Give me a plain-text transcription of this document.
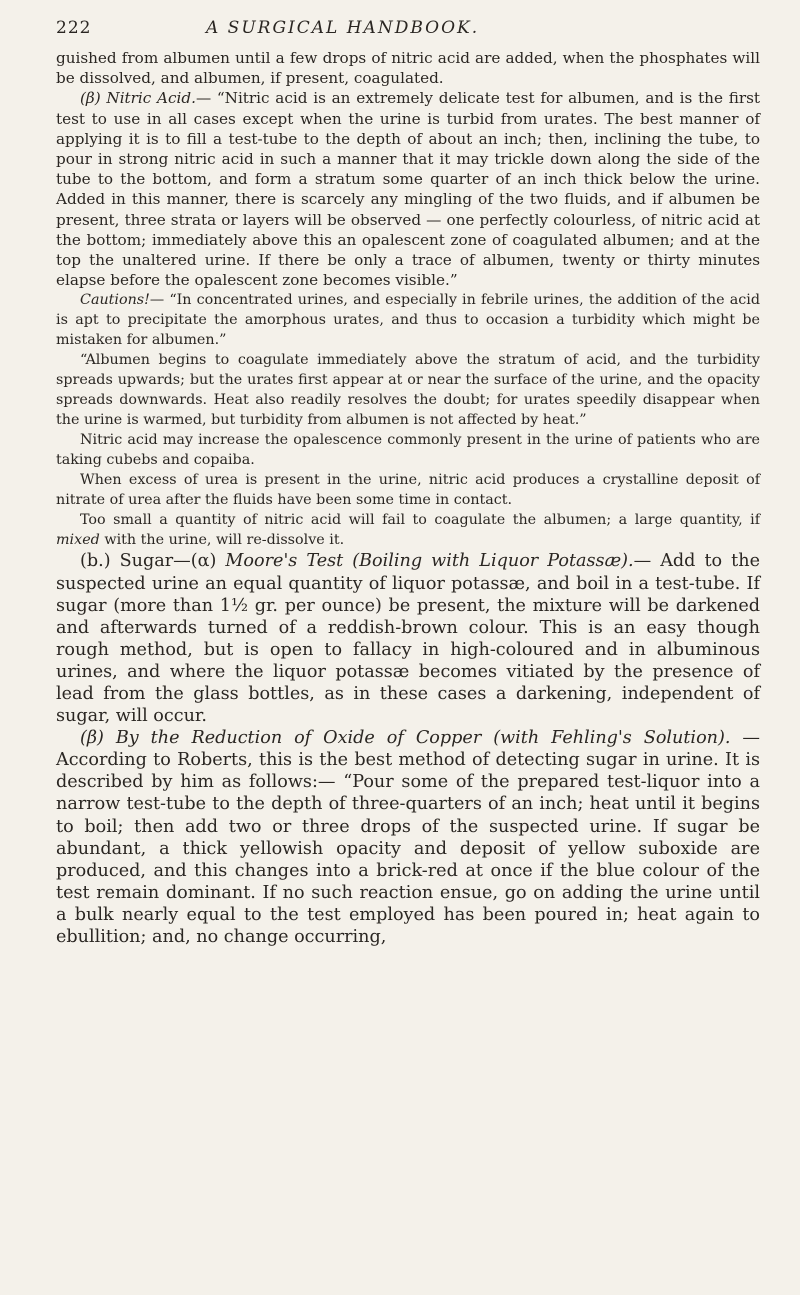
222	A SURGICAL HANDBOOK.

guished from albumen until a few drops of nitric acid are added, when the phosphates will be dissolved, and albumen, if present, coagulated.

(β) Nitric Acid.— “Nitric acid is an extremely delicate test for albumen, and is the first test to use in all cases except when the urine is turbid from urates. The best manner of applying it is to fill a test-tube to the depth of about an inch; then, inclining the tube, to pour in strong nitric acid in such a manner that it may trickle down along the side of the tube to the bottom, and form a stratum some quarter of an inch thick below the urine. Added in this manner, there is scarcely any mingling of the two fluids, and if albumen be present, three strata or layers will be observed — one perfectly colourless, of nitric acid at the bottom; immediately above this an opalescent zone of coagulated albumen; and at the top the unaltered urine. If there be only a trace of albumen, twenty or thirty minutes elapse before the opalescent zone becomes visible.”

Cautions!— “In concentrated urines, and especially in febrile urines, the addition of the acid is apt to precipitate the amorphous urates, and thus to occasion a turbidity which might be mistaken for albumen.”

“Albumen begins to coagulate immediately above the stratum of acid, and the turbidity spreads upwards; but the urates first appear at or near the surface of the urine, and the opacity spreads downwards. Heat also readily resolves the doubt; for urates speedily disappear when the urine is warmed, but turbidity from albumen is not affected by heat.”

Nitric acid may increase the opalescence commonly present in the urine of patients who are taking cubebs and copaiba.

When excess of urea is present in the urine, nitric acid produces a crystalline deposit of nitrate of urea after the fluids have been some time in contact.

Too small a quantity of nitric acid will fail to coagulate the albumen; a large quantity, if mixed with the urine, will re-dissolve it.

(b.) Sugar—(α) Moore's Test (Boiling with Liquor Potassæ).— Add to the suspected urine an equal quantity of liquor potassæ, and boil in a test-tube. If sugar (more than 1½ gr. per ounce) be present, the mixture will be darkened and afterwards turned of a reddish-brown colour. This is an easy though rough method, but is open to fallacy in high-coloured and in albuminous urines, and where the liquor potassæ becomes vitiated by the presence of lead from the glass bottles, as in these cases a darkening, independent of sugar, will occur.

(β) By the Reduction of Oxide of Copper (with Fehling's Solution). — According to Roberts, this is the best method of detecting sugar in urine. It is described by him as follows:— “Pour some of the prepared test-liquor into a narrow test-tube to the depth of three-quarters of an inch; heat until it begins to boil; then add two or three drops of the suspected urine. If sugar be abundant, a thick yellowish opacity and deposit of yellow suboxide are produced, and this changes into a brick-red at once if the blue colour of the test remain dominant. If no such reaction ensue, go on adding the urine until a bulk nearly equal to the test employed has been poured in; heat again to ebullition; and, no change occurring,
